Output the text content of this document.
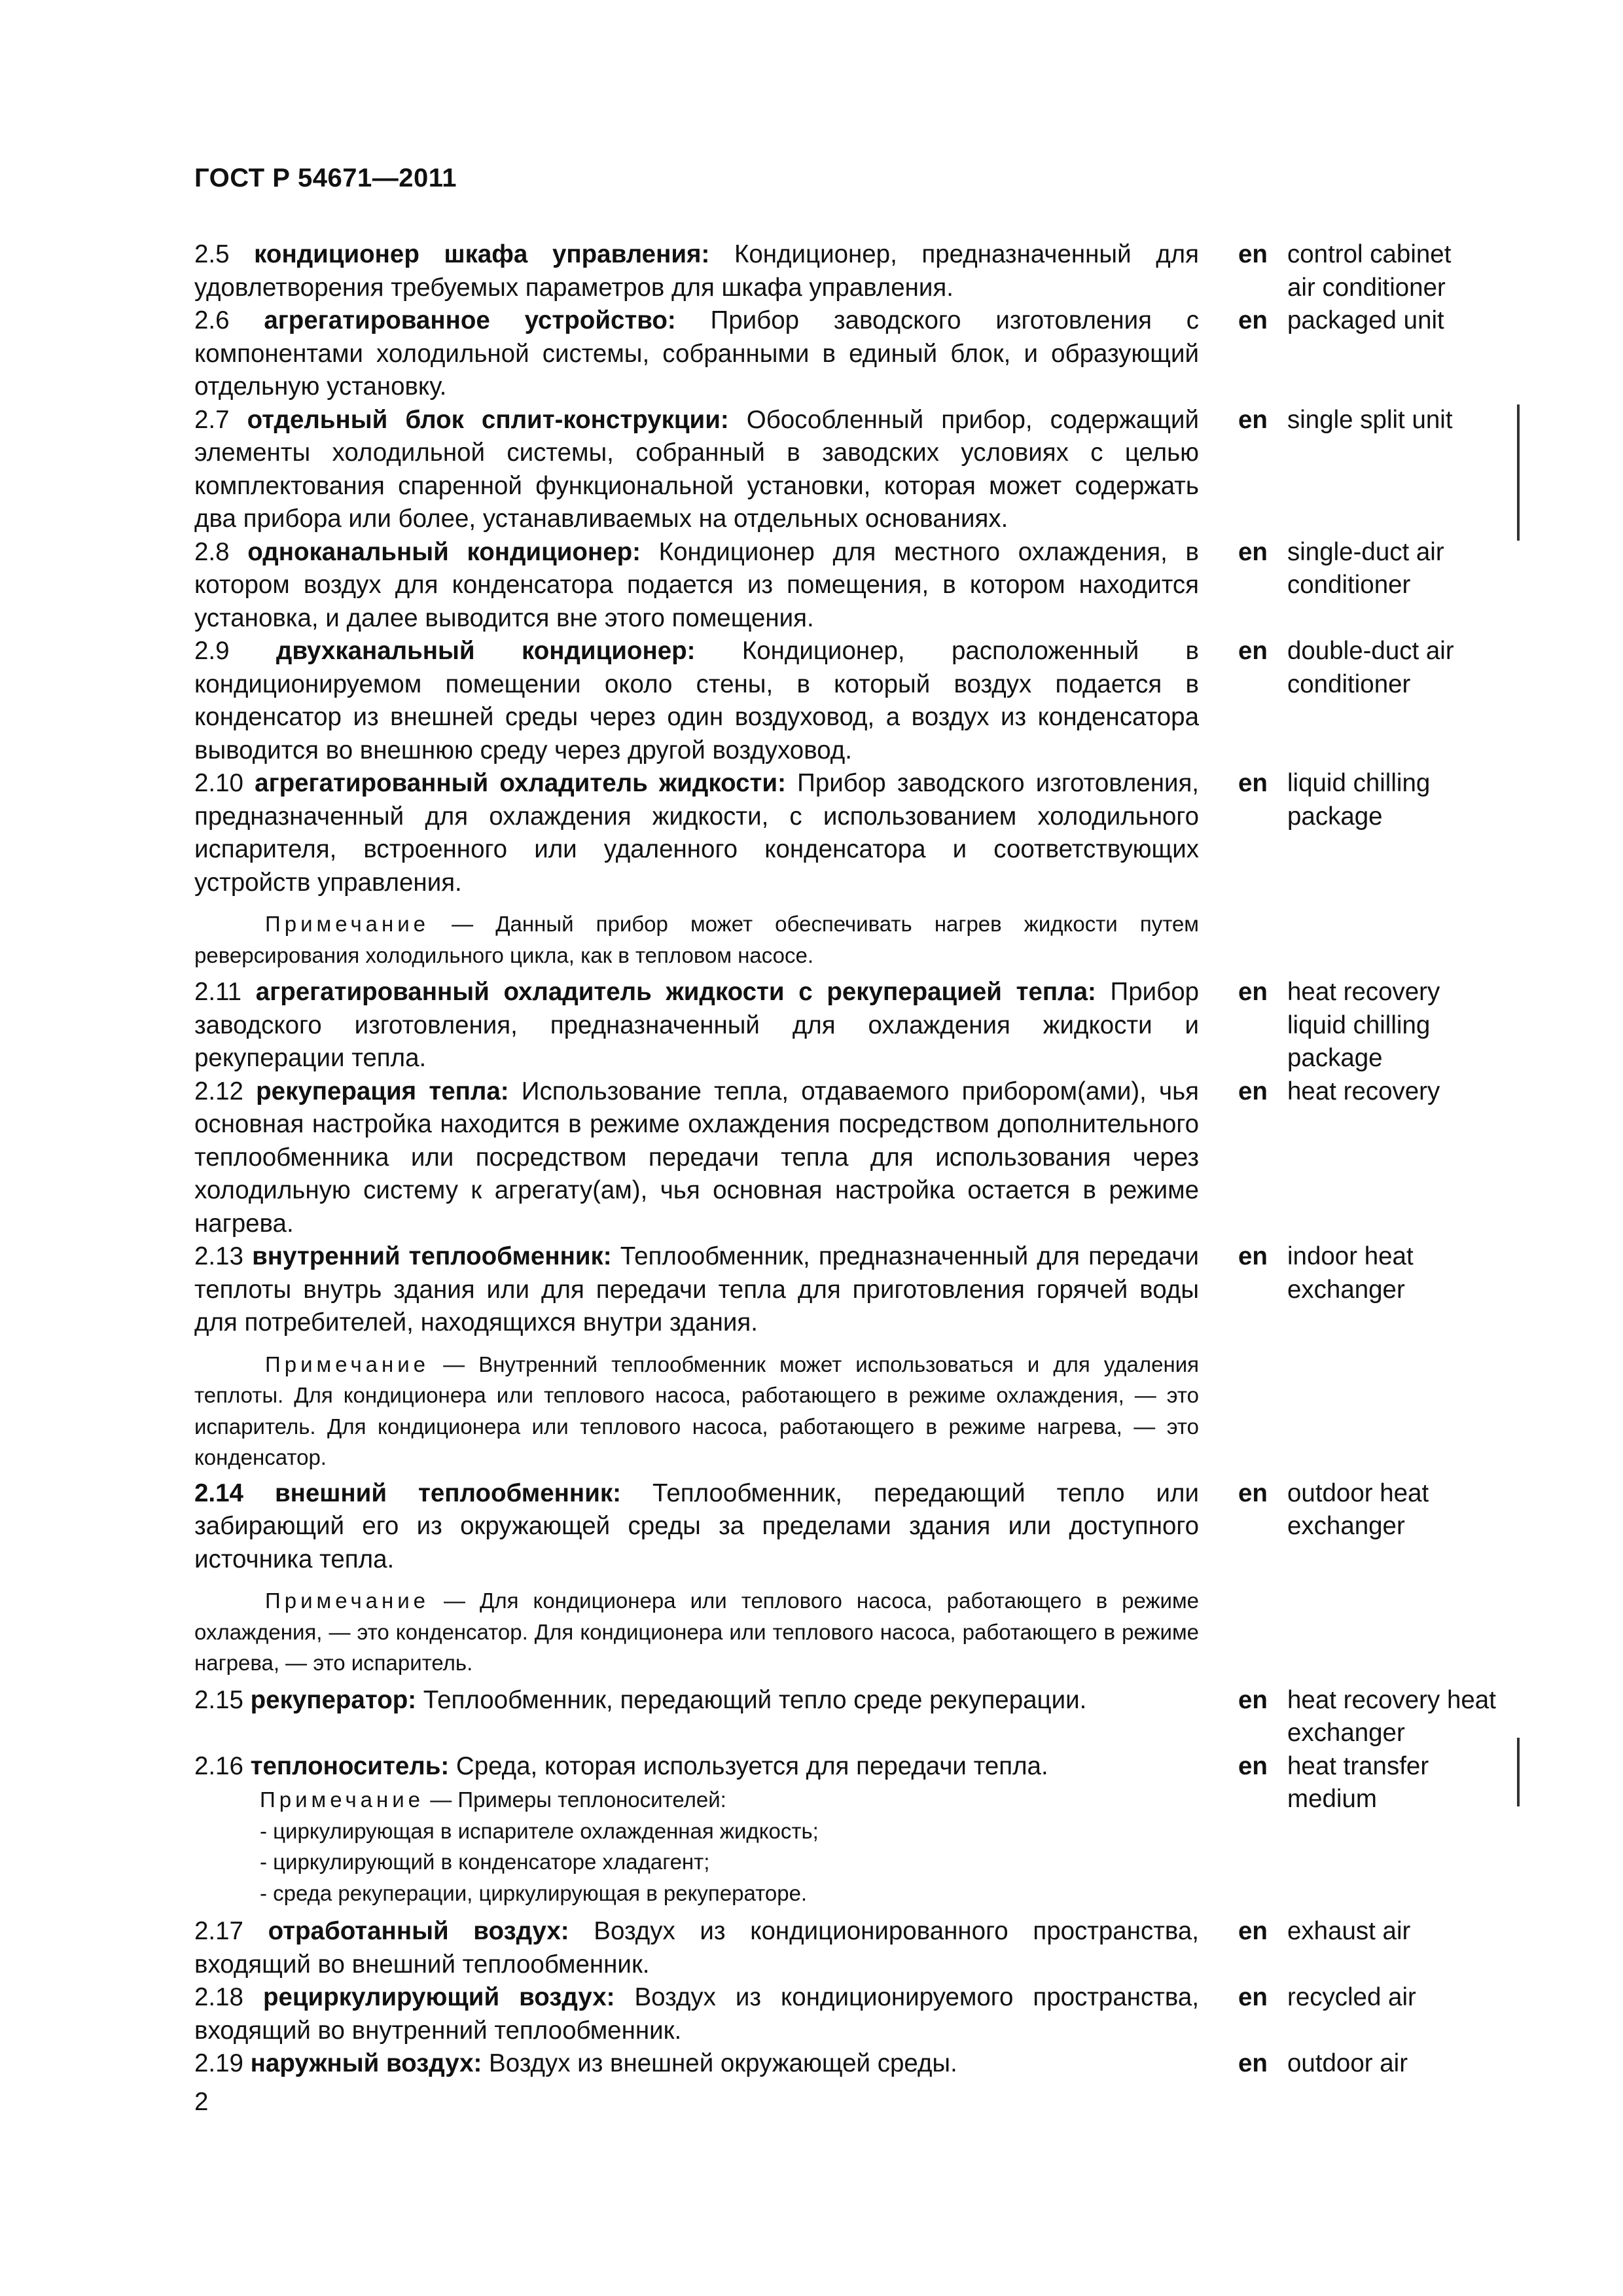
ГОСТ Р 54671—2011
2.5 кондиционер шкафа управления: Кондиционер, предназначенный для удовлетворения требуемых параметров для шкафа управления.
en control cabinet air conditioner
2.6 агрегатированное устройство: Прибор заводского изготовления с компонентами холодильной системы, собранными в единый блок, и образующий отдельную установку.
en packaged unit
2.7 отдельный блок сплит-конструкции: Обособленный прибор, содержащий элементы холодильной системы, собранный в заводских условиях с целью комплектования спаренной функциональной установки, которая может содержать два прибора или более, устанавливаемых на отдельных основаниях.
en single split unit
2.8 одноканальный кондиционер: Кондиционер для местного охлаждения, в котором воздух для конденсатора подается из помещения, в котором находится установка, и далее выводится вне этого помещения.
en single-duct air conditioner
2.9 двухканальный кондиционер: Кондиционер, расположенный в кондиционируемом помещении около стены, в который воздух подается в конденсатор из внешней среды через один воздуховод, а воздух из конденсатора выводится во внешнюю среду через другой воздуховод.
en double-duct air conditioner
2.10 агрегатированный охладитель жидкости: Прибор заводского изготовления, предназначенный для охлаждения жидкости, с использованием холодильного испарителя, встроенного или удаленного конденсатора и соответствующих устройств управления.
Примечание — Данный прибор может обеспечивать нагрев жидкости путем реверсирования холодильного цикла, как в тепловом насосе.
en liquid chilling package
2.11 агрегатированный охладитель жидкости с рекуперацией тепла: Прибор заводского изготовления, предназначенный для охлаждения жидкости и рекуперации тепла.
en heat recovery liquid chilling package
2.12 рекуперация тепла: Использование тепла, отдаваемого прибором(ами), чья основная настройка находится в режиме охлаждения посредством дополнительного теплообменника или посредством передачи тепла для использования через холодильную систему к агрегату(ам), чья основная настройка остается в режиме нагрева.
en heat recovery
2.13 внутренний теплообменник: Теплообменник, предназначенный для передачи теплоты внутрь здания или для передачи тепла для приготовления горячей воды для потребителей, находящихся внутри здания.
Примечание — Внутренний теплообменник может использоваться и для удаления теплоты. Для кондиционера или теплового насоса, работающего в режиме охлаждения, — это испаритель. Для кондиционера или теплового насоса, работающего в режиме нагрева, — это конденсатор.
en indoor heat exchanger
2.14 внешний теплообменник: Теплообменник, передающий тепло или забирающий его из окружающей среды за пределами здания или доступного источника тепла.
Примечание — Для кондиционера или теплового насоса, работающего в режиме охлаждения, — это конденсатор. Для кондиционера или теплового насоса, работающего в режиме нагрева, — это испаритель.
en outdoor heat exchanger
2.15 рекуператор: Теплообменник, передающий тепло среде рекуперации.	en heat recovery heat exchanger
2.16 теплоноситель: Среда, которая используется для передачи тепла.
Примечание — Примеры теплоносителей:
- циркулирующая в испарителе охлажденная жидкость;
- циркулирующий в конденсаторе хладагент;
- среда рекуперации, циркулирующая в рекуператоре.
en heat transfer medium
2.17 отработанный воздух: Воздух из кондиционированного пространства, входящий во внешний теплообменник.
en exhaust air
2.18 рециркулирующий воздух: Воздух из кондиционируемого пространства, входящий во внутренний теплообменник.
en recycled air
2.19 наружный воздух: Воздух из внешней окружающей среды.	en outdoor air
2
